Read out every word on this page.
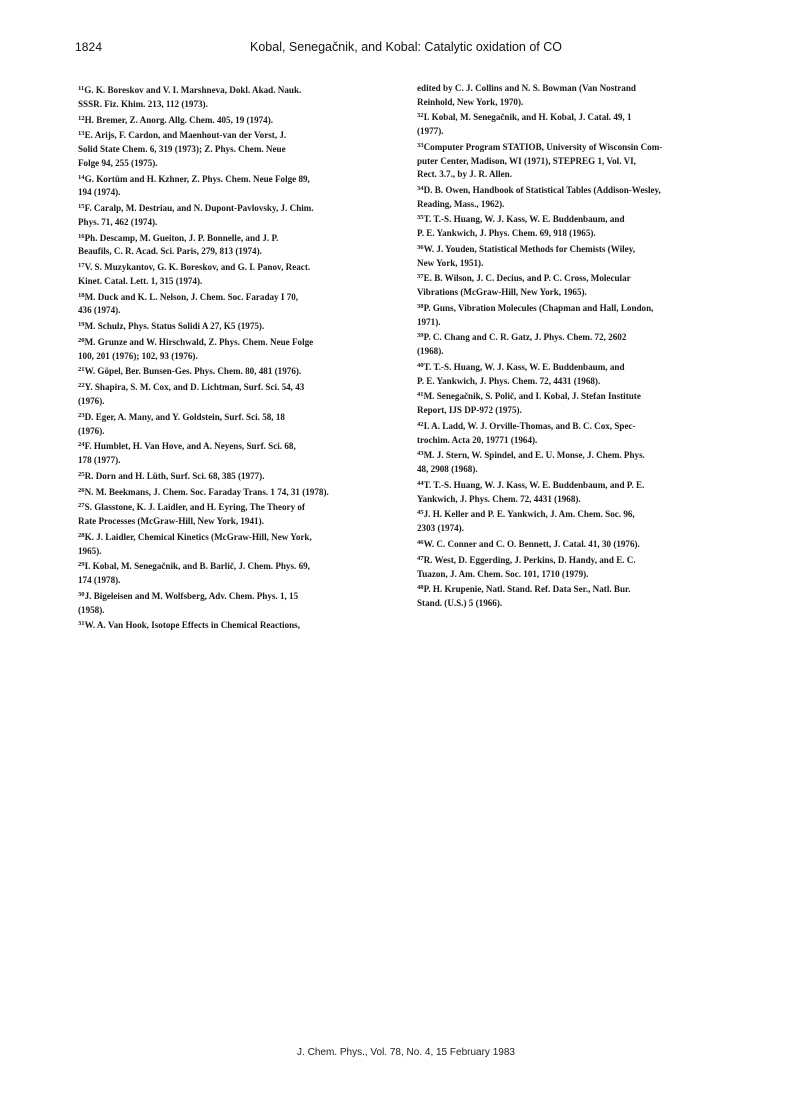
1824	Kobal, Senegačnik, and Kobal: Catalytic oxidation of CO
$^{11}$G. K. Boreskov and V. I. Marshneva, Dokl. Akad. Nauk.
SSSR. Fiz. Khim. 213, 112 (1973).
$^{12}$H. Bremer, Z. Anorg. Allg. Chem. 405, 19 (1974).
$^{13}$E. Arijs, F. Cardon, and Maenhout-van der Vorst, J.
Solid State Chem. 6, 319 (1973); Z. Phys. Chem. Neue
Folge 94, 255 (1975).
$^{14}$G. Kortüm and H. Kzhner, Z. Phys. Chem. Neue Folge 89,
194 (1974).
$^{15}$F. Caralp, M. Destriau, and N. Dupont-Pavlovsky, J. Chim.
Phys. 71, 462 (1974).
$^{16}$Ph. Descamp, M. Gueiton, J. P. Bonnelle, and J. P.
Beaufils, C. R. Acad. Sci. Paris, 279, 813 (1974).
$^{17}$V. S. Muzykantov, G. K. Boreskov, and G. I. Panov, React.
Kinet. Catal. Lett. 1, 315 (1974).
$^{18}$M. Duck and K. L. Nelson, J. Chem. Soc. Faraday I 70,
436 (1974).
$^{19}$M. Schulz, Phys. Status Solidi A 27, K5 (1975).
$^{20}$M. Grunze and W. Hirschwald, Z. Phys. Chem. Neue Folge
100, 201 (1976); 102, 93 (1976).
$^{21}$W. Göpel, Ber. Bunsen-Ges. Phys. Chem. 80, 481 (1976).
$^{22}$Y. Shapira, S. M. Cox, and D. Lichtman, Surf. Sci. 54, 43
(1976).
$^{23}$D. Eger, A. Many, and Y. Goldstein, Surf. Sci. 58, 18
(1976).
$^{24}$F. Humblet, H. Van Hove, and A. Neyens, Surf. Sci. 68,
178 (1977).
$^{25}$R. Dorn and H. Lüth, Surf. Sci. 68, 385 (1977).
$^{26}$N. M. Beekmans, J. Chem. Soc. Faraday Trans. 1 74, 31 (1978).
$^{27}$S. Glasstone, K. J. Laidler, and H. Eyring, The Theory of
Rate Processes (McGraw-Hill, New York, 1941).
$^{28}$K. J. Laidler, Chemical Kinetics (McGraw-Hill, New York,
1965).
$^{29}$I. Kobal, M. Senegačnik, and B. Barlič, J. Chem. Phys. 69,
174 (1978).
$^{30}$J. Bigeleisen and M. Wolfsberg, Adv. Chem. Phys. 1, 15
(1958).
$^{31}$W. A. Van Hook, Isotope Effects in Chemical Reactions,
edited by C. J. Collins and N. S. Bowman (Van Nostrand
Reinhold, New York, 1970).
$^{32}$I. Kobal, M. Senegačnik, and H. Kobal, J. Catal. 49, 1
(1977).
$^{33}$Computer Program STATIOB, University of Wisconsin Com-
puter Center, Madison, WI (1971), STEPREG 1, Vol. VI,
Rect. 3.7., by J. R. Allen.
$^{34}$D. B. Owen, Handbook of Statistical Tables (Addison-Wesley,
Reading, Mass., 1962).
$^{35}$T. T.-S. Huang, W. J. Kass, W. E. Buddenbaum, and
P. E. Yankwich, J. Phys. Chem. 69, 918 (1965).
$^{36}$W. J. Youden, Statistical Methods for Chemists (Wiley,
New York, 1951).
$^{37}$E. B. Wilson, J. C. Decius, and P. C. Cross, Molecular
Vibrations (McGraw-Hill, New York, 1965).
$^{38}$P. Guns, Vibration Molecules (Chapman and Hall, London,
1971).
$^{39}$P. C. Chang and C. R. Gatz, J. Phys. Chem. 72, 2602
(1968).
$^{40}$T. T.-S. Huang, W. J. Kass, W. E. Buddenbaum, and
P. E. Yankwich, J. Phys. Chem. 72, 4431 (1968).
$^{41}$M. Senegačnik, S. Polič, and I. Kobal, J. Stefan Institute
Report, IJS DP-972 (1975).
$^{42}$I. A. Ladd, W. J. Orville-Thomas, and B. C. Cox, Spec-
trochim. Acta 20, 19771 (1964).
$^{43}$M. J. Stern, W. Spindel, and E. U. Monse, J. Chem. Phys.
48, 2908 (1968).
$^{44}$T. T.-S. Huang, W. J. Kass, W. E. Buddenbaum, and P. E.
Yankwich, J. Phys. Chem. 72, 4431 (1968).
$^{45}$J. H. Keller and P. E. Yankwich, J. Am. Chem. Soc. 96,
2303 (1974).
$^{46}$W. C. Conner and C. O. Bennett, J. Catal. 41, 30 (1976).
$^{47}$R. West, D. Eggerding, J. Perkins, D. Handy, and E. C.
Tuazon, J. Am. Chem. Soc. 101, 1710 (1979).
$^{48}$P. H. Krupenie, Natl. Stand. Ref. Data Ser., Natl. Bur.
Stand. (U.S.) 5 (1966).
J. Chem. Phys., Vol. 78, No. 4, 15 February 1983
